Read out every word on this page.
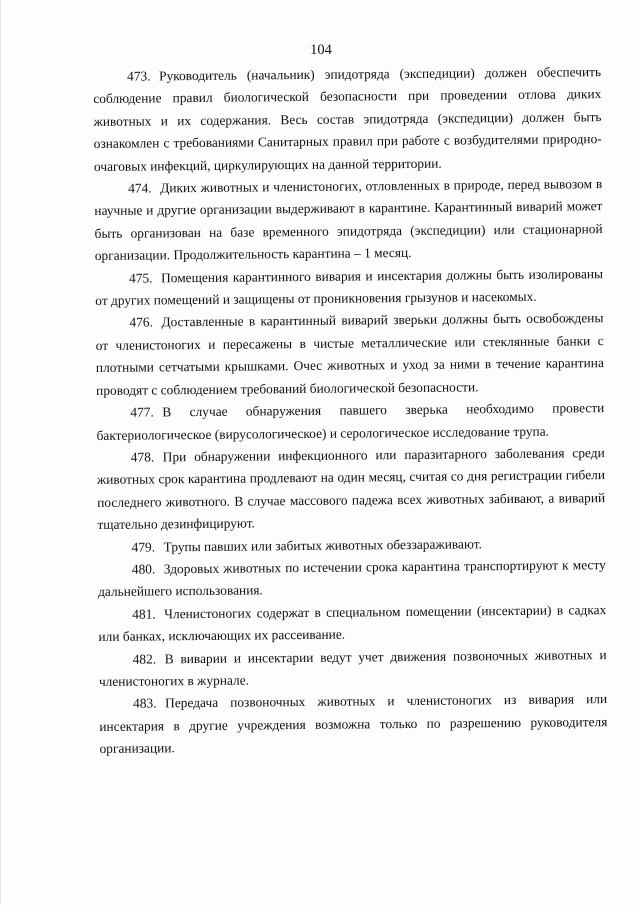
104

473. Руководитель (начальник) эпидотряда (экспедиции) должен обеспечить соблюдение правил биологической безопасности при проведении отлова диких животных и их содержания. Весь состав эпидотряда (экспедиции) должен быть ознакомлен с требованиями Санитарных правил при работе с возбудителями природно-очаговых инфекций, циркулирующих на данной территории.

474. Диких животных и членистоногих, отловленных в природе, перед вывозом в научные и другие организации выдерживают в карантине. Карантинный виварий может быть организован на базе временного эпидотряда (экспедиции) или стационарной организации. Продолжительность карантина – 1 месяц.

475. Помещения карантинного вивария и инсектария должны быть изолированы от других помещений и защищены от проникновения грызунов и насекомых.

476. Доставленные в карантинный виварий зверьки должны быть освобождены от членистоногих и пересажены в чистые металлические или стеклянные банки с плотными сетчатыми крышками. Очес животных и уход за ними в течение карантина проводят с соблюдением требований биологической безопасности.

477. В случае обнаружения павшего зверька необходимо провести бактериологическое (вирусологическое) и серологическое исследование трупа.

478. При обнаружении инфекционного или паразитарного заболевания среди животных срок карантина продлевают на один месяц, считая со дня регистрации гибели последнего животного. В случае массового падежа всех животных забивают, а виварий тщательно дезинфицируют.

479. Трупы павших или забитых животных обеззараживают.

480. Здоровых животных по истечении срока карантина транспортируют к месту дальнейшего использования.

481. Членистоногих содержат в специальном помещении (инсектарии) в садках или банках, исключающих их рассеивание.

482. В виварии и инсектарии ведут учет движения позвоночных животных и членистоногих в журнале.

483. Передача позвоночных животных и членистоногих из вивария или инсектария в другие учреждения возможна только по разрешению руководителя организации.
